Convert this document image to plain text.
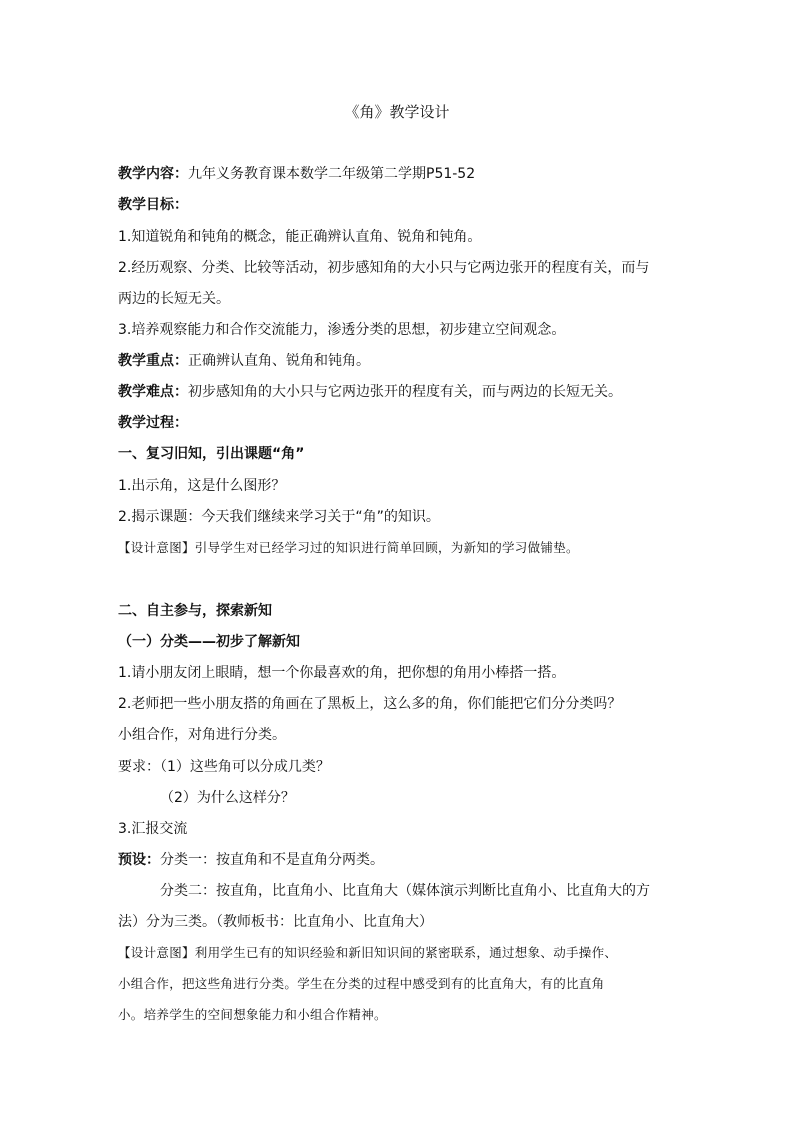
《角》教学设计
教学内容：九年义务教育课本数学二年级第二学期P51-52
教学目标：
1.知道锐角和钝角的概念，能正确辨认直角、锐角和钝角。
2.经历观察、分类、比较等活动，初步感知角的大小只与它两边张开的程度有关，而与
两边的长短无关。
3.培养观察能力和合作交流能力，渗透分类的思想，初步建立空间观念。
教学重点：正确辨认直角、锐角和钝角。
教学难点：初步感知角的大小只与它两边张开的程度有关，而与两边的长短无关。
教学过程：
一、复习旧知，引出课题“角”
1.出示角，这是什么图形？
2.揭示课题：今天我们继续来学习关于“角”的知识。
【设计意图】引导学生对已经学习过的知识进行简单回顾，为新知的学习做铺垫。
二、自主参与，探索新知
（一）分类——初步了解新知
1.请小朋友闭上眼睛，想一个你最喜欢的角，把你想的角用小棒搭一搭。
2.老师把一些小朋友搭的角画在了黑板上，这么多的角，你们能把它们分分类吗？
小组合作，对角进行分类。
要求：（1）这些角可以分成几类？
（2）为什么这样分？
3.汇报交流
预设：分类一：按直角和不是直角分两类。
分类二：按直角，比直角小、比直角大（媒体演示判断比直角小、比直角大的方
法）分为三类。（教师板书：比直角小、比直角大）
【设计意图】利用学生已有的知识经验和新旧知识间的紧密联系，通过想象、动手操作、
小组合作，把这些角进行分类。学生在分类的过程中感受到有的比直角大，有的比直角
小。培养学生的空间想象能力和小组合作精神。
